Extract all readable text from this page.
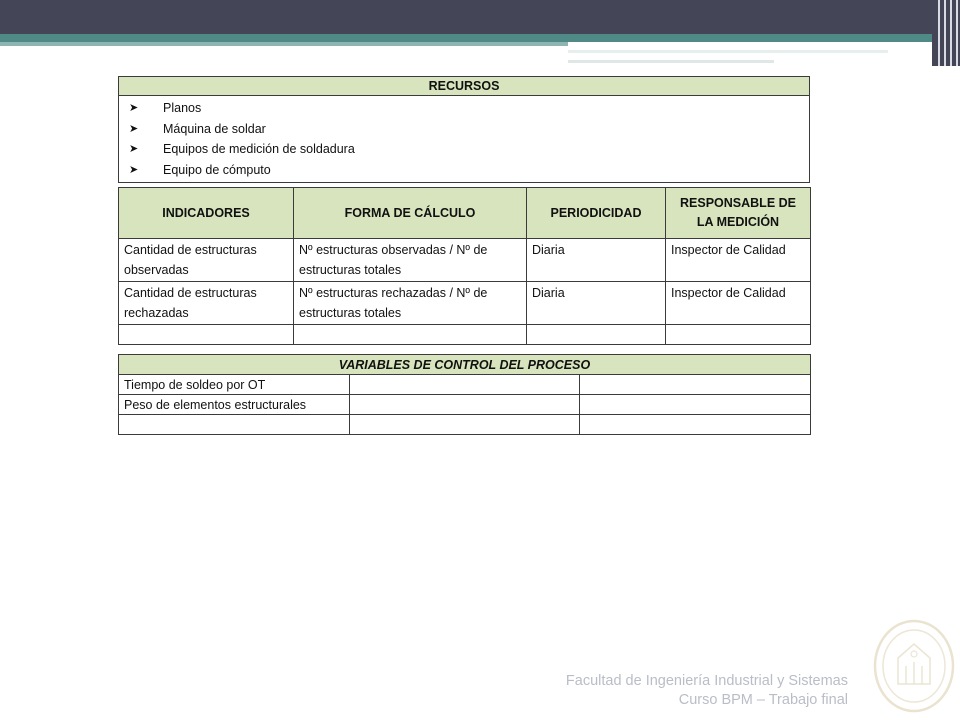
RECURSOS

➤	Planos
➤	Máquina de soldar
➤	Equipos de medición de soldadura
➤	Equipo de cómputo
INDICADORES	FORMA DE CÁLCULO	PERIODICIDAD	RESPONSABLE DE LA MEDICIÓN
Cantidad de estructuras observadas	Nº estructuras observadas / Nº de estructuras totales	Diaria	Inspector de Calidad
Cantidad de estructuras rechazadas	Nº estructuras rechazadas / Nº de estructuras totales	Diaria	Inspector de Calidad

VARIABLES DE CONTROL DEL PROCESO		
Tiempo de soldeo por OT		
Peso de elementos estructurales		

Facultad de Ingeniería Industrial y Sistemas
Curso BPM – Trabajo final
